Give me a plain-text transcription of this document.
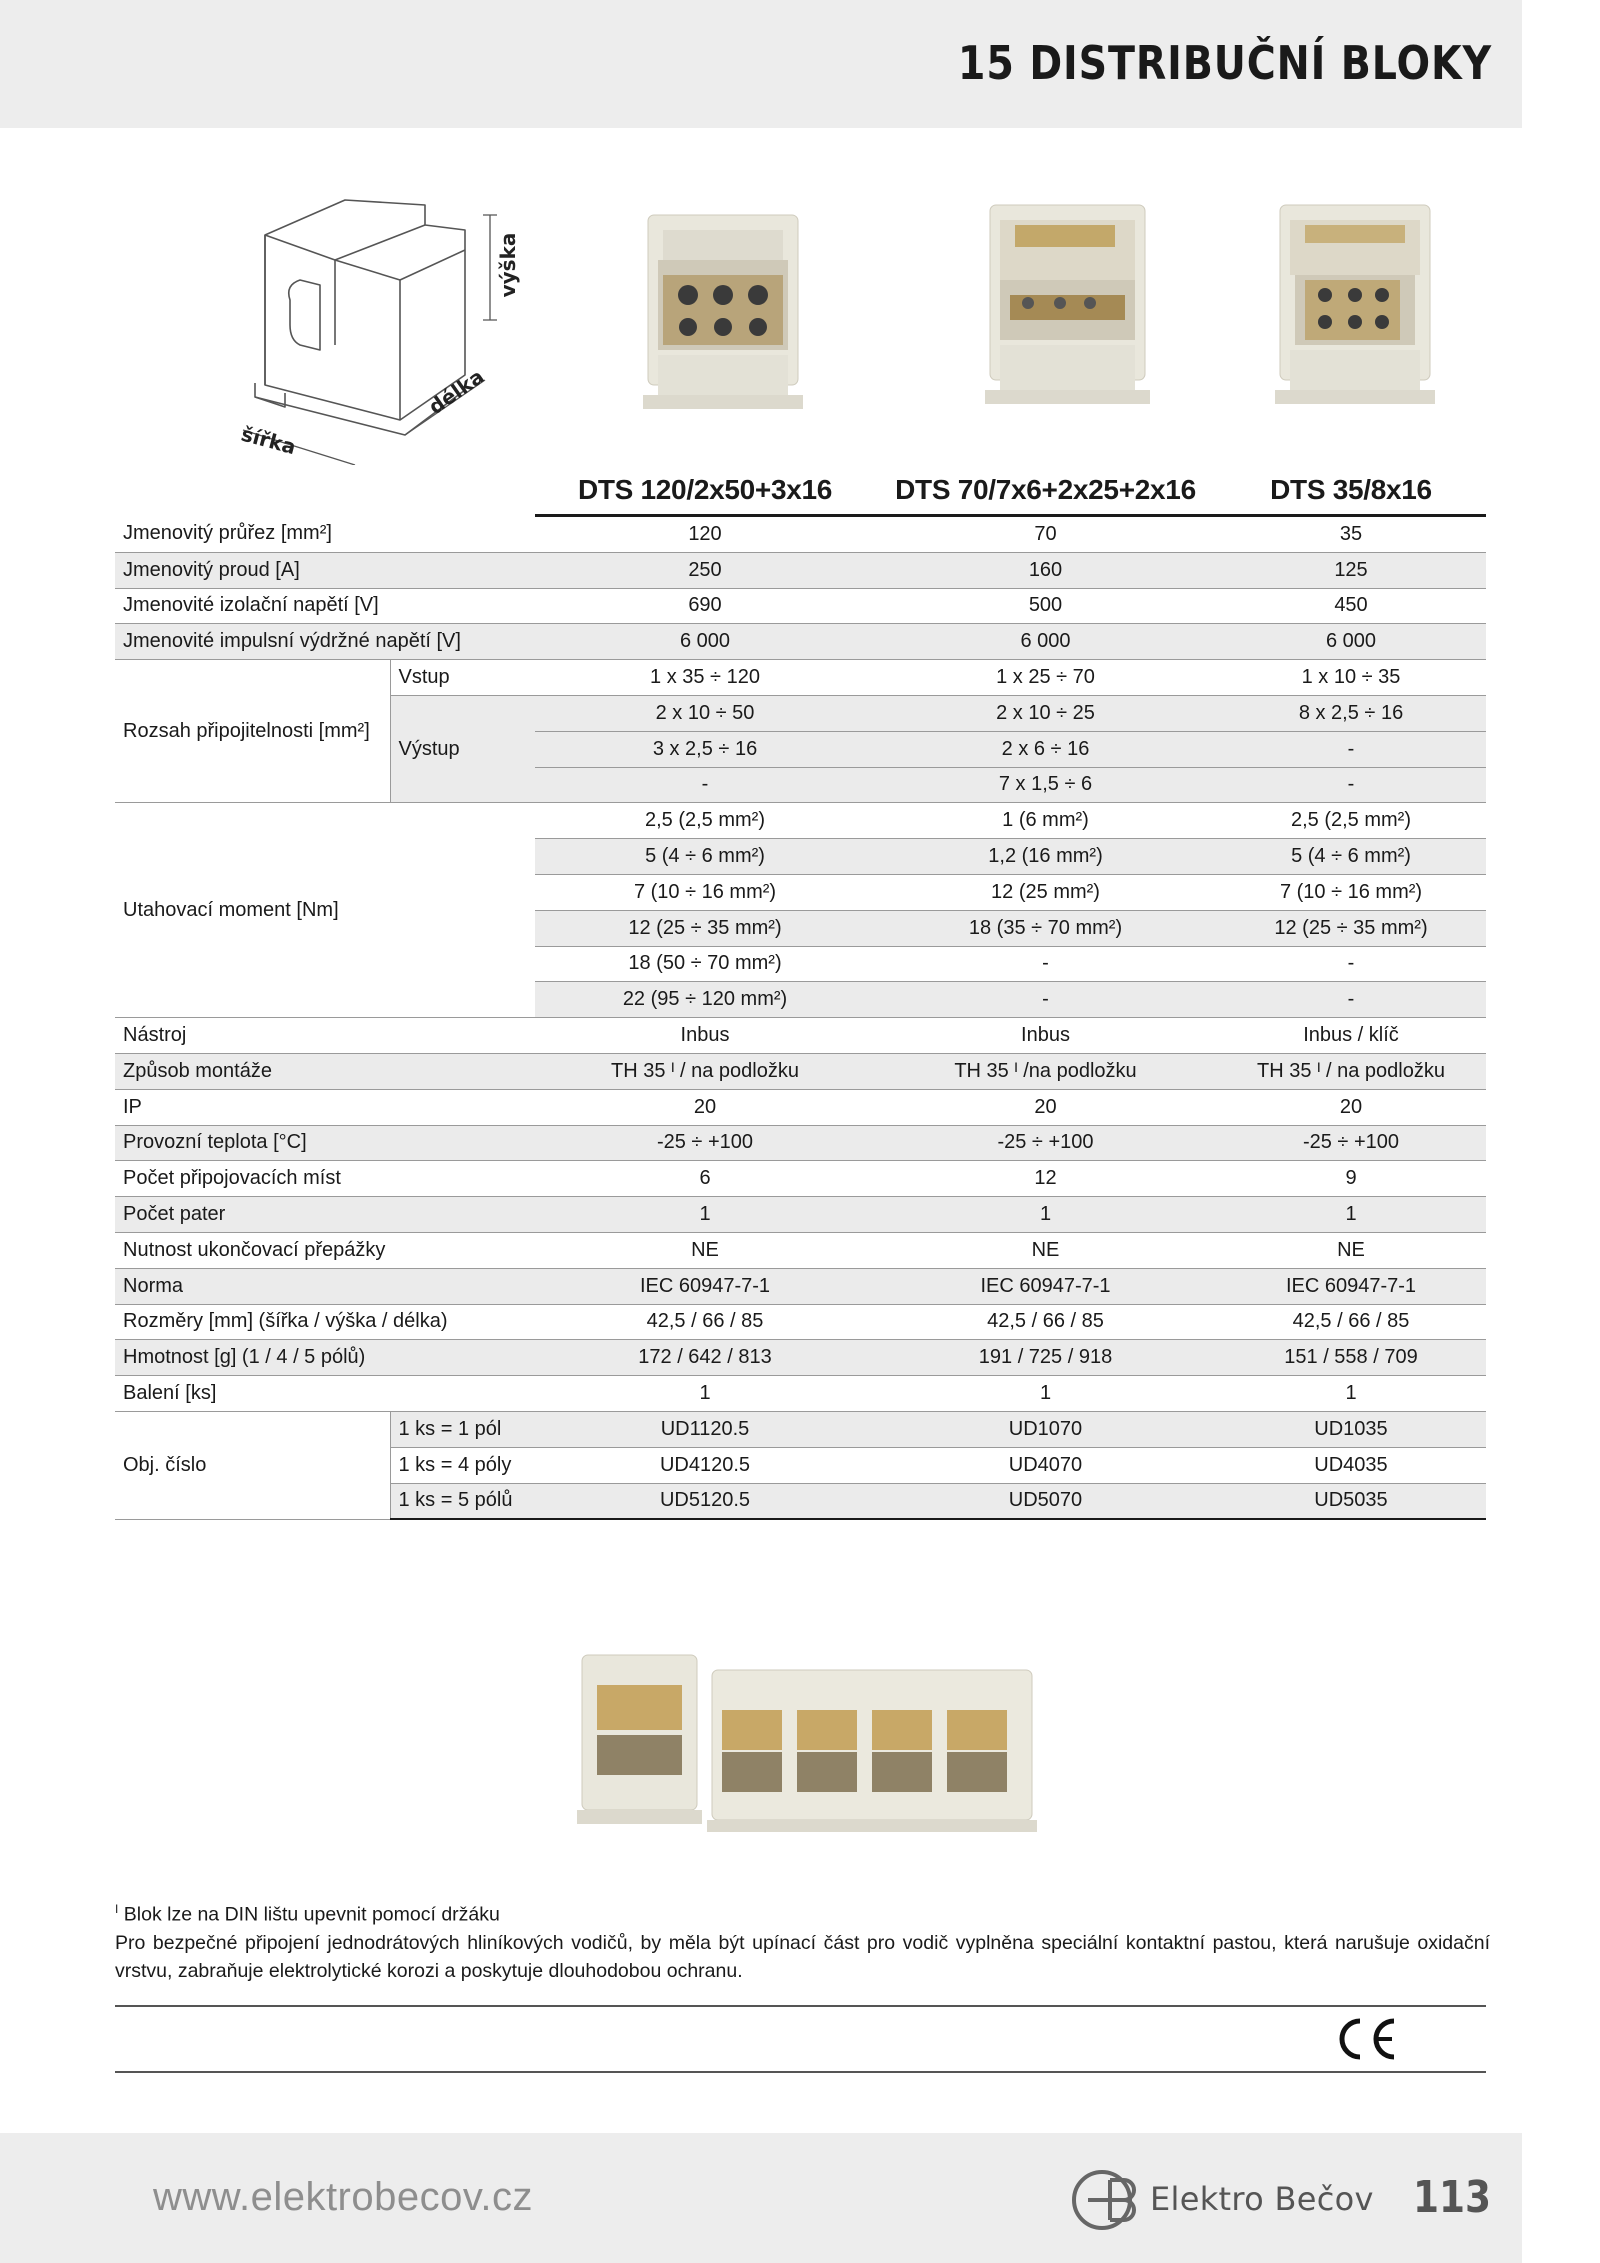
15 DISTRIBUČNÍ BLOKY
výška
délka
šířka
		DTS 120/2x50+3x16	DTS 70/7x6+2x25+2x16	DTS 35/8x16
Jmenovitý průřez [mm²]		120	70	35
Jmenovitý proud [A]		250	160	125
Jmenovité izolační napětí [V]		690	500	450
Jmenovité impulsní výdržné napětí [V]		6 000	6 000	6 000
Rozsah připojitelnosti [mm²]	Vstup	1 x 35 ÷ 120	1 x 25 ÷ 70	1 x 10 ÷ 35
	Výstup	2 x 10 ÷ 50	2 x 10 ÷ 25	8 x 2,5 ÷ 16
		3 x 2,5 ÷ 16	2 x 6 ÷ 16	-
		-	7 x 1,5 ÷ 6	-
Utahovací moment [Nm]		2,5 (2,5 mm²)	1 (6 mm²)	2,5 (2,5 mm²)
		5 (4 ÷ 6 mm²)	1,2 (16 mm²)	5 (4 ÷ 6 mm²)
		7 (10 ÷ 16 mm²)	12 (25 mm²)	7 (10 ÷ 16 mm²)
		12 (25 ÷ 35 mm²)	18 (35 ÷ 70 mm²)	12 (25 ÷ 35 mm²)
		18 (50 ÷ 70 mm²)	-	-
		22 (95 ÷ 120 mm²)	-	-
Nástroj		Inbus	Inbus	Inbus / klíč
Způsob montáže		TH 35 ᴵ / na podložku	TH 35 ᴵ /na podložku	TH 35 ᴵ / na podložku
IP		20	20	20
Provozní teplota [°C]		-25 ÷ +100	-25 ÷ +100	-25 ÷ +100
Počet připojovacích míst		6	12	9
Počet pater		1	1	1
Nutnost ukončovací přepážky		NE	NE	NE
Norma		IEC 60947-7-1	IEC 60947-7-1	IEC 60947-7-1
Rozměry [mm] (šířka / výška / délka)		42,5 / 66 / 85	42,5 / 66 / 85	42,5 / 66 / 85
Hmotnost [g] (1 / 4 / 5 pólů)		172 / 642 / 813	191 / 725 / 918	151 / 558 / 709
Balení [ks]		1	1	1
Obj. číslo	1 ks = 1 pól	UD1120.5	UD1070	UD1035
	1 ks = 4 póly	UD4120.5	UD4070	UD4035
	1 ks = 5 pólů	UD5120.5	UD5070	UD5035
$^I$ Blok lze na DIN lištu upevnit pomocí držáku
Pro bezpečné připojení jednodrátových hliníkových vodičů, by měla být upínací část pro vodič vyplněna speciální kontaktní pastou, která narušuje oxidační vrstvu, zabraňuje elektrolytické korozi a poskytuje dlouhodobou ochranu.
www.elektrobecov.cz	Elektro Bečov 113
